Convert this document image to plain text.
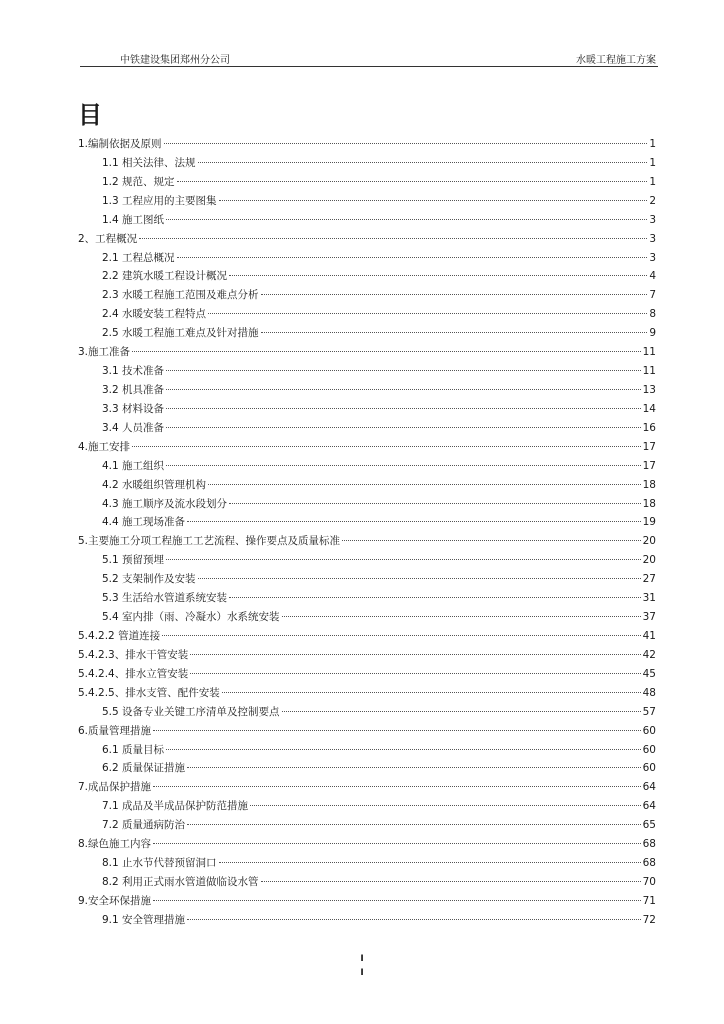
中铁建设集团郑州分公司	水暖工程施工方案
目
1.编制依据及原则	1
1.1 相关法律、法规	1
1.2 规范、规定	1
1.3 工程应用的主要图集	2
1.4 施工图纸	3
2、工程概况	3
2.1 工程总概况	3
2.2 建筑水暖工程设计概况	4
2.3 水暖工程施工范围及难点分析	7
2.4 水暖安装工程特点	8
2.5 水暖工程施工难点及针对措施	9
3.施工准备	11
3.1 技术准备	11
3.2 机具准备	13
3.3 材料设备	14
3.4 人员准备	16
4.施工安排	17
4.1 施工组织	17
4.2 水暖组织管理机构	18
4.3 施工顺序及流水段划分	18
4.4 施工现场准备	19
5.主要施工分项工程施工工艺流程、操作要点及质量标准	20
5.1 预留预埋	20
5.2 支架制作及安装	27
5.3 生活给水管道系统安装	31
5.4 室内排（雨、冷凝水）水系统安装	37
5.4.2.2 管道连接	41
5.4.2.3、排水干管安装	42
5.4.2.4、排水立管安装	45
5.4.2.5、排水支管、配件安装	48
5.5 设备专业关键工序清单及控制要点	57
6.质量管理措施	60
6.1 质量目标	60
6.2 质量保证措施	60
7.成品保护措施	64
7.1 成品及半成品保护防范措施	64
7.2 质量通病防治	65
8.绿色施工内容	68
8.1 止水节代替预留洞口	68
8.2 利用正式雨水管道做临设水管	70
9.安全环保措施	71
9.1 安全管理措施	72
I
I
